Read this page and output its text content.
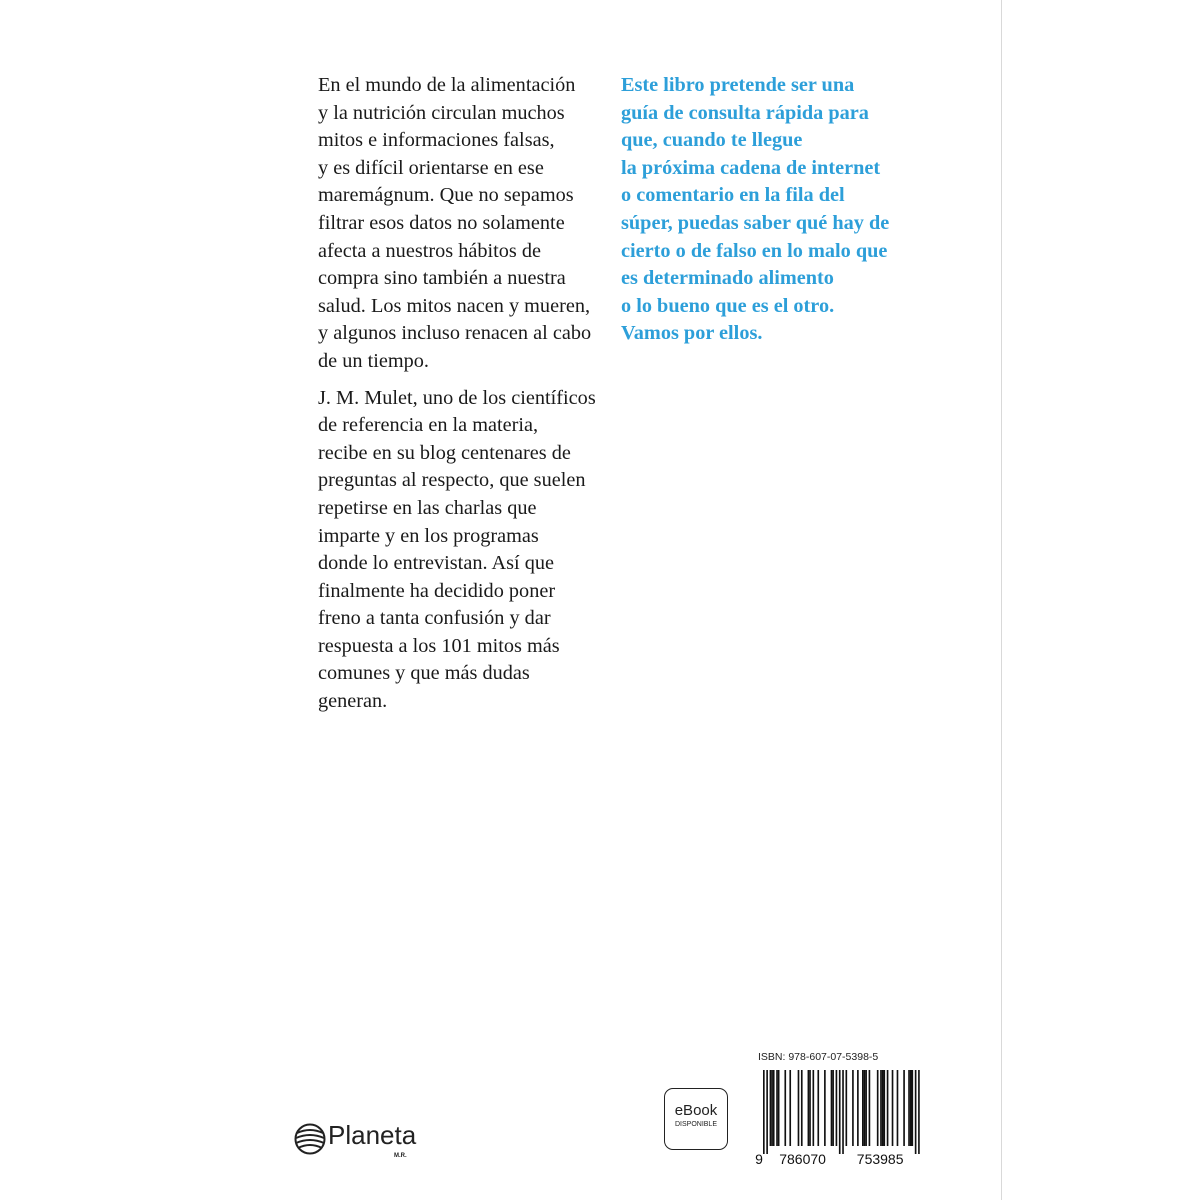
En el mundo de la alimentación
y la nutrición circulan muchos
mitos e informaciones falsas,
y es difícil orientarse en ese
maremágnum. Que no sepamos
filtrar esos datos no solamente
afecta a nuestros hábitos de
compra sino también a nuestra
salud. Los mitos nacen y mueren,
y algunos incluso renacen al cabo
de un tiempo.

J. M. Mulet, uno de los científicos
de referencia en la materia,
recibe en su blog centenares de
preguntas al respecto, que suelen
repetirse en las charlas que
imparte y en los programas
donde lo entrevistan. Así que
finalmente ha decidido poner
freno a tanta confusión y dar
respuesta a los 101 mitos más
comunes y que más dudas
generan.

Este libro pretende ser una
guía de consulta rápida para
que, cuando te llegue
la próxima cadena de internet
o comentario en la fila del
súper, puedas saber qué hay de
cierto o de falso en lo malo que
es determinado alimento
o lo bueno que es el otro.
Vamos por ellos.
Planeta
M.R.
eBook
DISPONIBLE
ISBN: 978-607-07-5398-5
9 786070 753985
